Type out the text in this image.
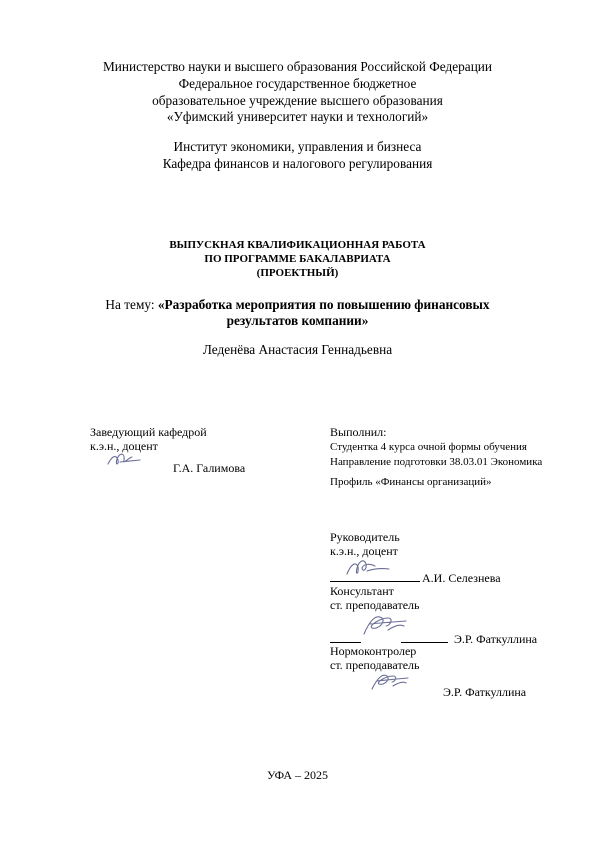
Министерство науки и высшего образования Российской Федерации
Федеральное государственное бюджетное
образовательное учреждение высшего образования
«Уфимский университет науки и технологий»
Институт экономики, управления и бизнеса
Кафедра финансов и налогового регулирования
ВЫПУСКНАЯ КВАЛИФИКАЦИОННАЯ РАБОТА
ПО ПРОГРАММЕ БАКАЛАВРИАТА
(ПРОЕКТНЫЙ)
На тему: «Разработка мероприятия по повышению финансовых
результатов компании»
Леденёва Анастасия Геннадьевна
Заведующий кафедрой
к.э.н., доцент
Г.А. Галимова
Выполнил:
Студентка 4 курса очной формы обучения
Направление подготовки 38.03.01 Экономика
Профиль «Финансы организаций»
Руководитель
к.э.н., доцент
А.И. Селезнева
Консультант
ст. преподаватель
Э.Р. Фаткуллина
Нормоконтролер
ст. преподаватель
Э.Р. Фаткуллина
УФА – 2025
